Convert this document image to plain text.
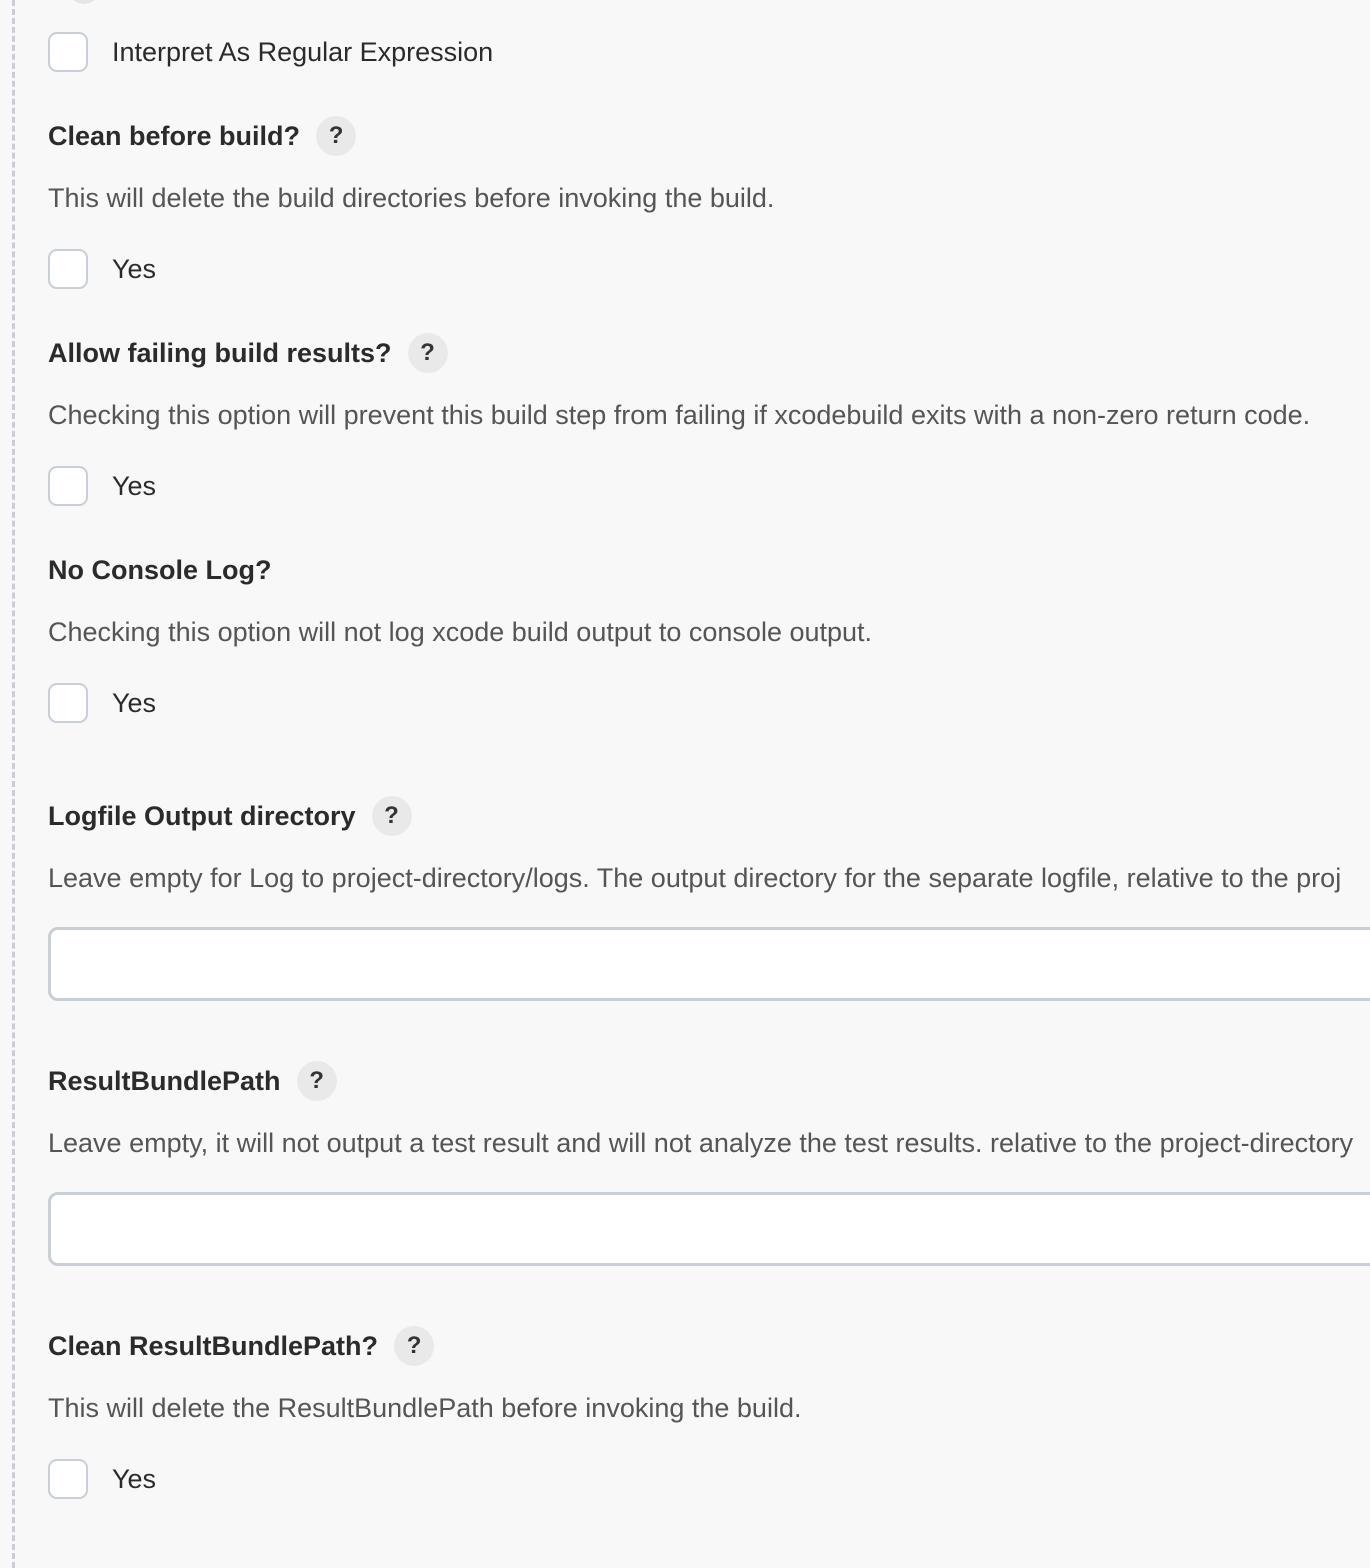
Interpret As Regular Expression
Clean before build?	?
This will delete the build directories before invoking the build.
Yes
Allow failing build results?	?
Checking this option will prevent this build step from failing if xcodebuild exits with a non-zero return code.
Yes
No Console Log?
Checking this option will not log xcode build output to console output.
Yes
Logfile Output directory	?
Leave empty for Log to project-directory/logs. The output directory for the separate logfile, relative to the proj
ResultBundlePath	?
Leave empty, it will not output a test result and will not analyze the test results. relative to the project-directory
Clean ResultBundlePath?	?
This will delete the ResultBundlePath before invoking the build.
Yes
